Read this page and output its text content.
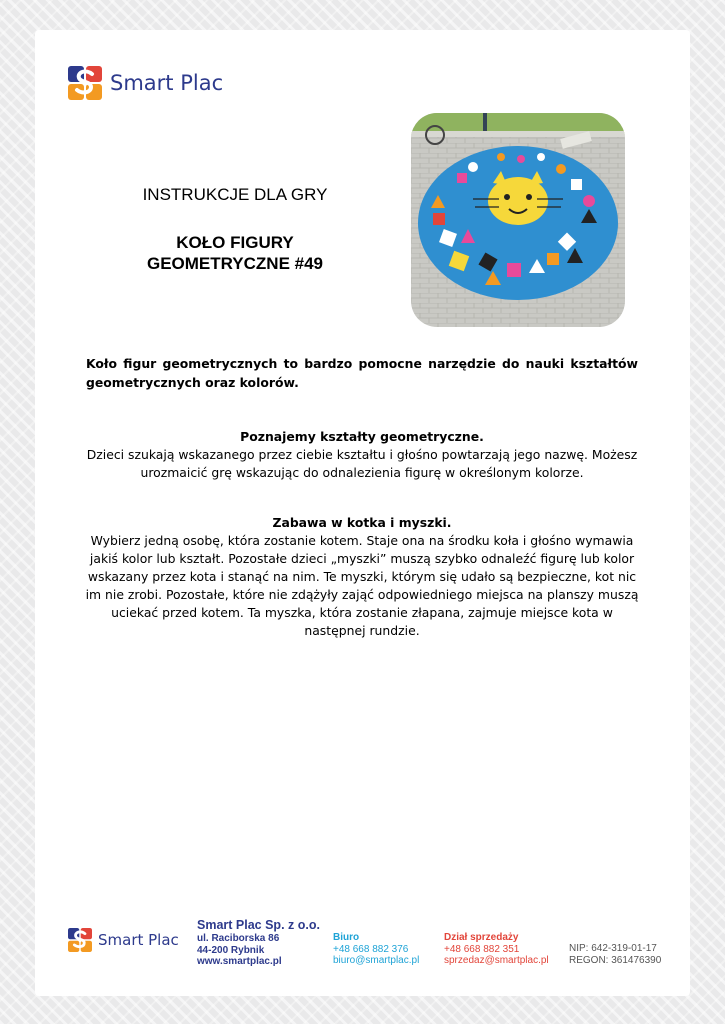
Smart Plac
INSTRUKCJE DLA GRY
KOŁO FIGURY GEOMETRYCZNE #49
Koło figur geometrycznych to bardzo pomocne narzędzie do nauki kształtów geometrycznych oraz kolorów.
Poznajemy kształty geometryczne.
Dzieci szukają wskazanego przez ciebie kształtu i głośno powtarzają jego nazwę. Możesz urozmaicić grę wskazując do odnalezienia figurę w określonym kolorze.
Zabawa w kotka i myszki.
Wybierz jedną osobę, która zostanie kotem. Staje ona na środku koła i głośno wymawia jakiś kolor lub kształt. Pozostałe dzieci „myszki” muszą szybko odnaleźć figurę lub kolor wskazany przez kota i stanąć na nim. Te myszki, którym się udało są bezpieczne, kot nic im nie zrobi. Pozostałe, które nie zdążyły zająć odpowiedniego miejsca na planszy muszą uciekać przed kotem. Ta myszka, która zostanie złapana, zajmuje miejsce kota w następnej rundzie.
Smart Plac
Smart Plac Sp. z o.o.
ul. Raciborska 86
44-200 Rybnik
www.smartplac.pl
Biuro
+48 668 882 376
biuro@smartplac.pl
Dział sprzedaży
+48 668 882 351
sprzedaz@smartplac.pl
NIP: 642-319-01-17
REGON: 361476390
